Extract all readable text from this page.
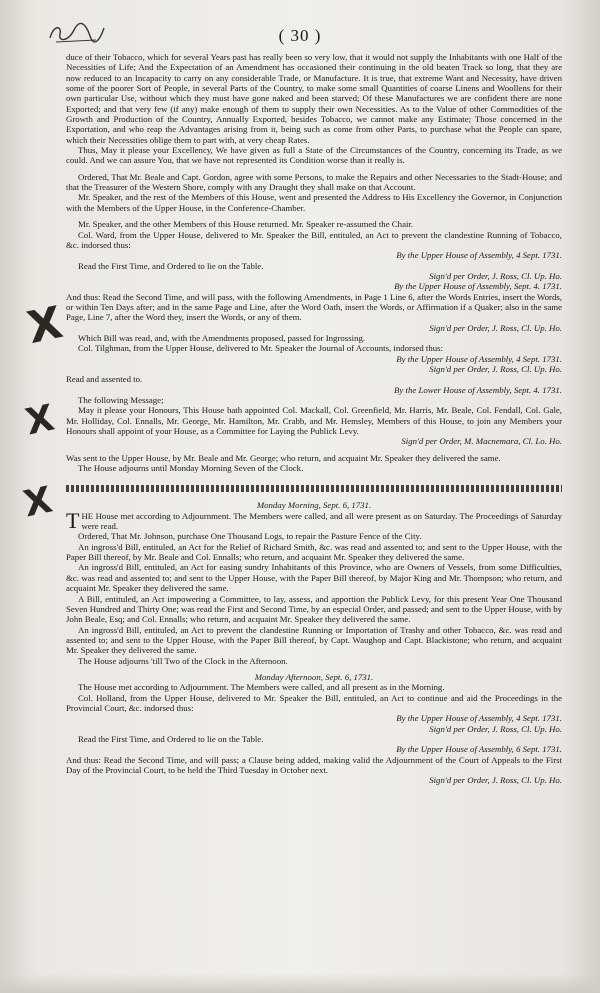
( 30 )
X
X
X

duce of their Tobacco, which for several Years past has really been so very low, that it would not supply the Inhabitants with one Half of the Necessities of Life; And the Expectation of an Amendment has occasioned their continuing in the old beaten Track so long, that they are now reduced to an Incapacity to carry on any considerable Trade, or Manufacture. It is true, that extreme Want and Necessity, have driven some of the poorer Sort of People, in several Parts of the Country, to make some small Quantities of coarse Linens and Woollens for their own particular Use, without which they must have gone naked and been starved; Of these Manufactures we are confident there are none Exported; and that very few (if any) make enough of them to supply their own Necessities. As to the Value of other Commodities of the Growth and Production of the Country, Annually Exported, besides Tobacco, we cannot make any Estimate; Those concerned in the Exportation, and who reap the Advantages arising from it, being such as come from other Parts, to purchase what the People can spare, which their Necessities oblige them to part with, at very cheap Rates.

Thus, May it please your Excellency, We have given as full a State of the Circumstances of the Country, concerning its Trade, as we could. And we can assure You, that we have not represented its Condition worse than it really is.

Ordered, That Mr. Beale and Capt. Gordon, agree with some Persons, to make the Repairs and other Necessaries to the Stadt-House; and that the Treasurer of the Western Shore, comply with any Draught they shall make on that Account.

Mr. Speaker, and the rest of the Members of this House, went and presented the Address to His Excellency the Governor, in Conjunction with the Members of the Upper House, in the Conference-Chamber.

Mr. Speaker, and the other Members of this House returned. Mr. Speaker re-assumed the Chair.

Col. Ward, from the Upper House, delivered to Mr. Speaker the Bill, entituled, an Act to prevent the clandestine Running of Tobacco, &c. indorsed thus:

By the Upper House of Assembly, 4 Sept. 1731.

Read the First Time, and Ordered to lie on the Table.

Sign'd per Order, J. Ross, Cl. Up. Ho.

By the Upper House of Assembly, Sept. 4. 1731.

And thus: Read the Second Time, and will pass, with the following Amendments, in Page 1 Line 6, after the Words Entries, insert the Words, or within Ten Days after; and in the same Page and Line, after the Word Oath, insert the Words, or Affirmation if a Quaker; also in the same Page, Line 7, after the Word they, insert the Words, or any of them.

Sign'd per Order, J. Ross, Cl. Up. Ho.

Which Bill was read, and, with the Amendments proposed, passed for Ingrossing.

Col. Tilghman, from the Upper House, delivered to Mr. Speaker the Journal of Accounts, indorsed thus:

By the Upper House of Assembly, 4 Sept. 1731.

Sign'd per Order, J. Ross, Cl. Up. Ho.

Read and assented to.

By the Lower House of Assembly, Sept. 4. 1731.

The following Message;

May it please your Honours, This House hath appointed Col. Mackall, Col. Greenfield, Mr. Harris, Mr. Beale, Col. Fendall, Col. Gale, Mr. Holliday, Col. Ennalls, Mr. George, Mr. Hamilton, Mr. Crabb, and Mr. Hemsley, Members of this House, to join any Members your Honours shall appoint of your House, as a Committee for Laying the Publick Levy.

Sign'd per Order, M. Macnemara, Cl. Lo. Ho.

Was sent to the Upper House, by Mr. Beale and Mr. George; who return, and acquaint Mr. Speaker they delivered the same.

The House adjourns until Monday Morning Seven of the Clock.

Monday Morning, Sept. 6, 1731.

THE House met according to Adjournment. The Members were called, and all were present as on Saturday. The Proceedings of Saturday were read.

Ordered, That Mr. Johnson, purchase One Thousand Logs, to repair the Pasture Fence of the City.

An ingross'd Bill, entituled, an Act for the Relief of Richard Smith, &c. was read and assented to; and sent to the Upper House, with the Paper Bill thereof, by Mr. Beale and Col. Ennalls; who return, and acquaint Mr. Speaker they delivered the same.

An ingross'd Bill, entituled, an Act for easing sundry Inhabitants of this Province, who are Owners of Vessels, from some Difficulties, &c. was read and assented to; and sent to the Upper House, with the Paper Bill thereof, by Major King and Mr. Thompson; who return, and acquaint Mr. Speaker they delivered the same.

A Bill, entituled, an Act impowering a Committee, to lay, assess, and apportion the Publick Levy, for this present Year One Thousand Seven Hundred and Thirty One; was read the First and Second Time, by an especial Order, and passed; and sent to the Upper House, with by John Beale, Esq; and Col. Ennalls; who return, and acquaint Mr. Speaker they delivered the same.

An ingross'd Bill, entituled, an Act to prevent the clandestine Running or Importation of Trashy and other Tobacco, &c. was read and assented to; and sent to the Upper House, with the Paper Bill thereof, by Capt. Waughop and Capt. Blackistone; who return, and acquaint Mr. Speaker they delivered the same.

The House adjourns 'till Two of the Clock in the Afternoon.

Monday Afternoon, Sept. 6, 1731.

The House met according to Adjournment. The Members were called, and all present as in the Morning.

Col. Holland, from the Upper House, delivered to Mr. Speaker the Bill, entituled, an Act to continue and aid the Proceedings in the Provincial Court, &c. indorsed thus:

By the Upper House of Assembly, 4 Sept. 1731.

Sign'd per Order, J. Ross, Cl. Up. Ho.

Read the First Time, and Ordered to lie on the Table.

By the Upper House of Assembly, 6 Sept. 1731.

And thus: Read the Second Time, and will pass; a Clause being added, making valid the Adjournment of the Court of Appeals to the First Day of the Provincial Court, to be held the Third Tuesday in October next.

Sign'd per Order, J. Ross, Cl. Up. Ho.
